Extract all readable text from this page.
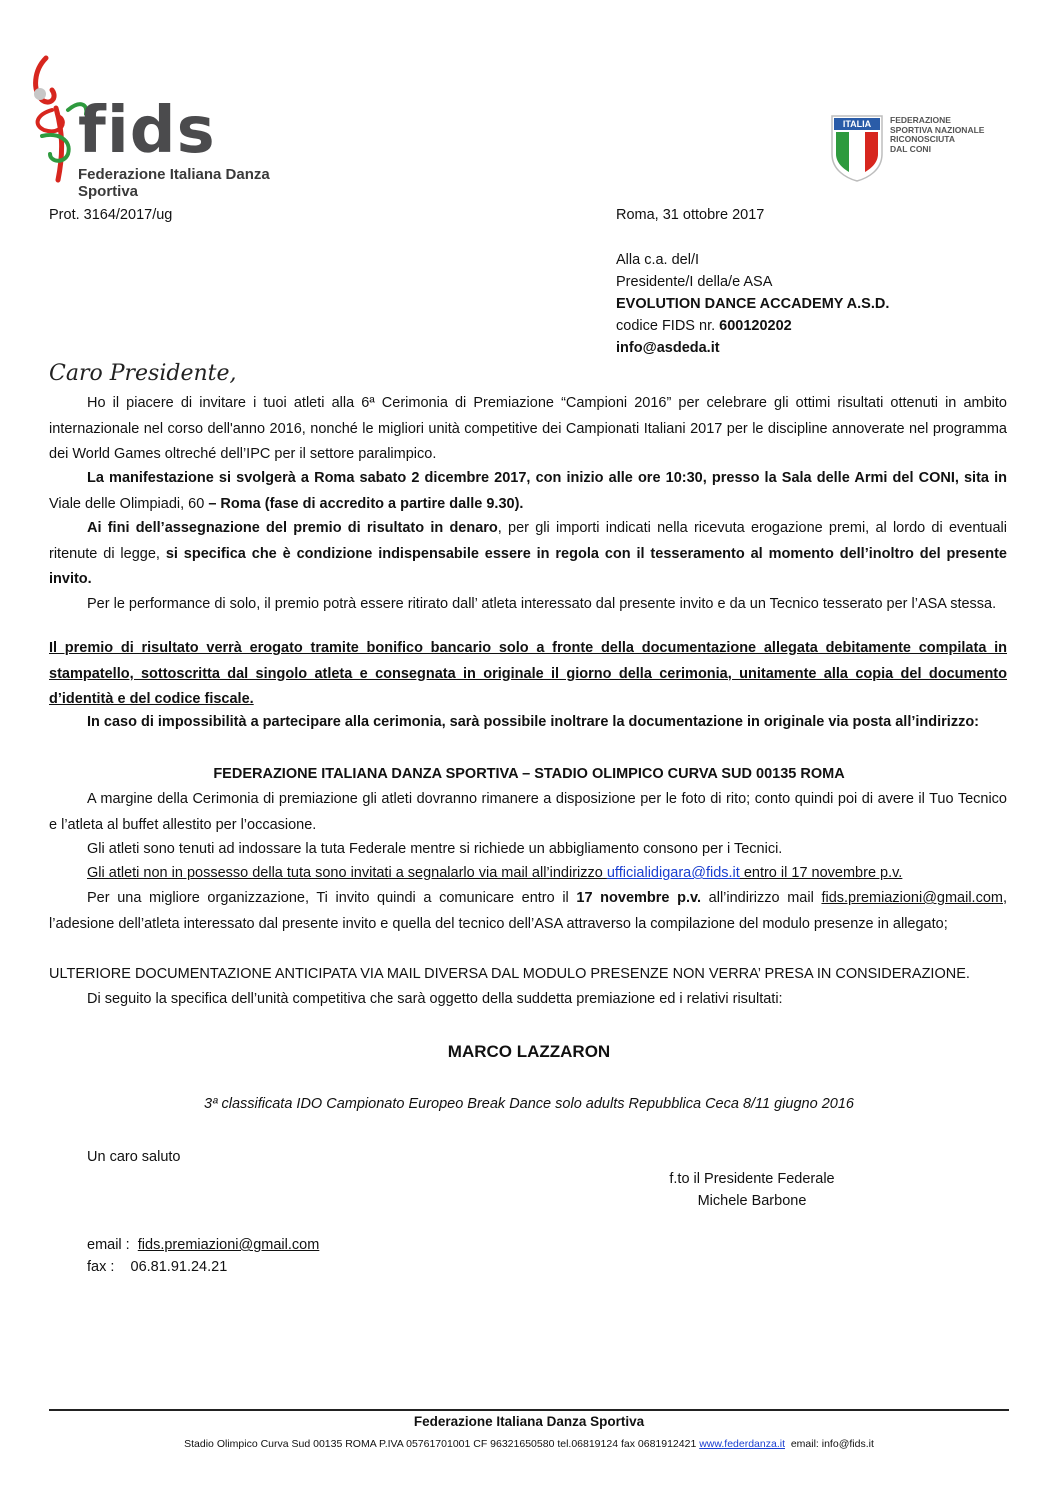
fids
Federazione Italiana Danza Sportiva
ITALIA	FEDERAZIONE
SPORTIVA NAZIONALE
RICONOSCIUTA
DAL CONI
Prot. 3164/2017/ug	Roma, 31 ottobre 2017
Alla c.a. del/I
Presidente/I della/e ASA
EVOLUTION DANCE ACCADEMY A.S.D.
codice FIDS nr. 600120202
info@asdeda.it
Caro Presidente,
Ho il piacere di invitare i tuoi atleti alla 6ª Cerimonia di Premiazione “Campioni 2016” per celebrare gli ottimi risultati ottenuti in ambito internazionale nel corso dell'anno 2016, nonché le migliori unità competitive dei Campionati Italiani 2017 per le discipline annoverate nel programma dei World Games oltreché dell’IPC per il settore paralimpico.
La manifestazione si svolgerà a Roma sabato 2 dicembre 2017, con inizio alle ore 10:30, presso la Sala delle Armi del CONI, sita in Viale delle Olimpiadi, 60 – Roma (fase di accredito a partire dalle 9.30).
Ai fini dell’assegnazione del premio di risultato in denaro, per gli importi indicati nella ricevuta erogazione premi, al lordo di eventuali ritenute di legge, si specifica che è condizione indispensabile essere in regola con il tesseramento al momento dell’inoltro del presente invito.
Per le performance di solo, il premio potrà essere ritirato dall’ atleta interessato dal presente invito e da un Tecnico tesserato per l’ASA stessa.
Il premio di risultato verrà erogato tramite bonifico bancario solo a fronte della documentazione allegata debitamente compilata in stampatello, sottoscritta dal singolo atleta e consegnata in originale il giorno della cerimonia, unitamente alla copia del documento d’identità e del codice fiscale.
In caso di impossibilità a partecipare alla cerimonia, sarà possibile inoltrare la documentazione in originale via posta all’indirizzo:
FEDERAZIONE ITALIANA DANZA SPORTIVA – STADIO OLIMPICO CURVA SUD 00135 ROMA
A margine della Cerimonia di premiazione gli atleti dovranno rimanere a disposizione per le foto di rito; conto quindi poi di avere il Tuo Tecnico e l’atleta al buffet allestito per l’occasione.
Gli atleti sono tenuti ad indossare la tuta Federale mentre si richiede un abbigliamento consono per i Tecnici.
Gli atleti non in possesso della tuta sono invitati a segnalarlo via mail all’indirizzo ufficialidigara@fids.it entro il 17 novembre p.v.
Per una migliore organizzazione, Ti invito quindi a comunicare entro il 17 novembre p.v. all’indirizzo mail fids.premiazioni@gmail.com, l’adesione dell’atleta interessato dal presente invito e quella del tecnico dell’ASA attraverso la compilazione del modulo presenze in allegato;
ULTERIORE DOCUMENTAZIONE ANTICIPATA VIA MAIL DIVERSA DAL MODULO PRESENZE NON VERRA’ PRESA IN CONSIDERAZIONE.
Di seguito la specifica dell’unità competitiva che sarà oggetto della suddetta premiazione ed i relativi risultati:
MARCO LAZZARON
3ª classificata IDO Campionato Europeo Break Dance solo adults Repubblica Ceca 8/11 giugno 2016
Un caro saluto
f.to il Presidente Federale
Michele Barbone
email :  fids.premiazioni@gmail.com
fax :    06.81.91.24.21
Federazione Italiana Danza Sportiva
Stadio Olimpico Curva Sud 00135 ROMA P.IVA 05761701001 CF 96321650580 tel.06819124 fax 0681912421 www.federdanza.it  email: info@fids.it
